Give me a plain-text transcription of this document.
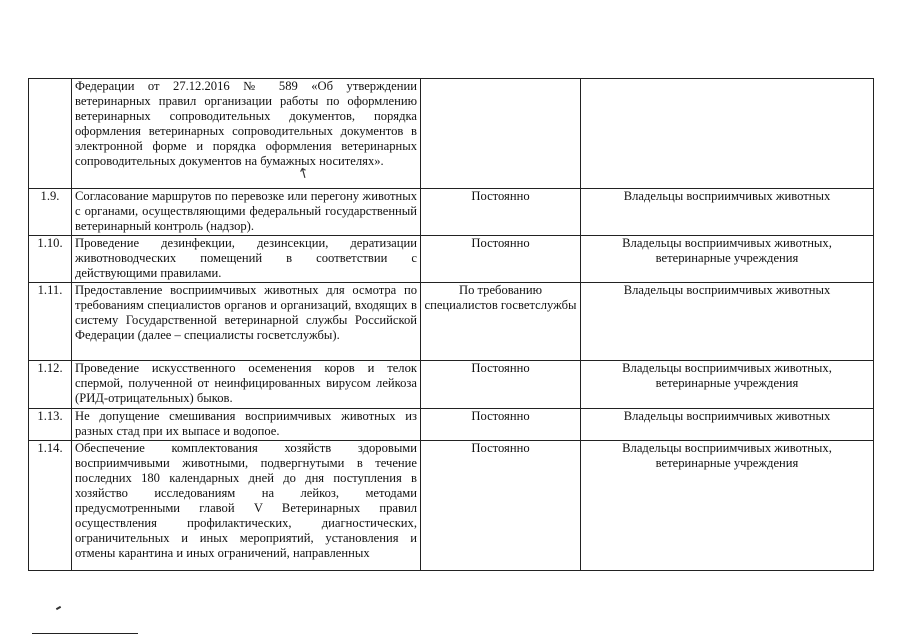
	Федерации от 27.12.2016 № 589 «Об утверждении ветеринарных правил организации работы по оформлению ветеринарных сопроводительных документов, порядка оформления ветеринарных сопроводительных документов в электронной форме и порядка оформления ветеринарных сопроводительных документов на бумажных носителях».		
1.9.	Согласование маршрутов по перевозке или перегону животных с органами, осуществляющими федеральный государственный ветеринарный контроль (надзор).	Постоянно	Владельцы восприимчивых животных
1.10.	Проведение дезинфекции, дезинсекции, дератизации животноводческих помещений в соответствии с действующими правилами.	Постоянно	Владельцы восприимчивых животных, ветеринарные учреждения
1.11.	Предоставление восприимчивых животных для осмотра по требованиям специалистов органов и организаций, входящих в систему Государственной ветеринарной службы Российской Федерации (далее – специалисты госветслужбы).	По требованию специалистов госветслужбы	Владельцы восприимчивых животных
1.12.	Проведение искусственного осеменения коров и телок спермой, полученной от неинфицированных вирусом лейкоза (РИД-отрицательных) быков.	Постоянно	Владельцы восприимчивых животных, ветеринарные учреждения
1.13.	Не допущение смешивания восприимчивых животных из разных стад при их выпасе и водопое.	Постоянно	Владельцы восприимчивых животных
1.14.	Обеспечение комплектования хозяйств здоровыми восприимчивыми животными, подвергнутыми в течение последних 180 календарных дней до дня поступления в хозяйство исследованиям на лейкоз, методами предусмотренными главой V Ветеринарных правил осуществления профилактических, диагностических, ограничительных и иных мероприятий, установления и отмены карантина и иных ограничений, направленных	Постоянно	Владельцы восприимчивых животных, ветеринарные учреждения
↑
